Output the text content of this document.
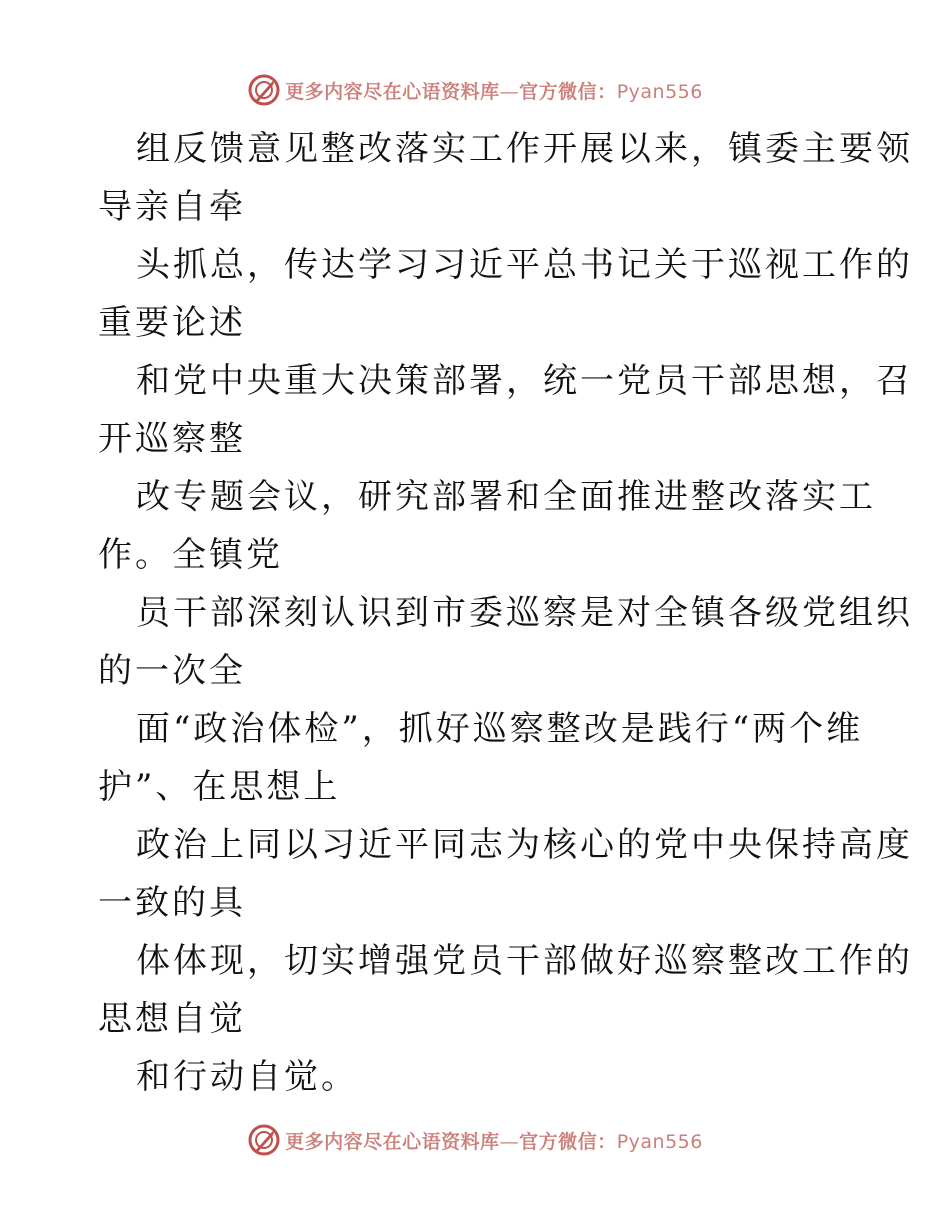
更多内容尽在心语资料库—官方微信：Pyan556
组反馈意见整改落实工作开展以来，镇委主要领
导亲自牵
头抓总，传达学习习近平总书记关于巡视工作的
重要论述
和党中央重大决策部署，统一党员干部思想，召
开巡察整
改专题会议，研究部署和全面推进整改落实工
作。全镇党
员干部深刻认识到市委巡察是对全镇各级党组织
的一次全
面“政治体检”，抓好巡察整改是践行“两个维
护”、在思想上
政治上同以习近平同志为核心的党中央保持高度
一致的具
体体现，切实增强党员干部做好巡察整改工作的
思想自觉
和行动自觉。
更多内容尽在心语资料库—官方微信：Pyan556
